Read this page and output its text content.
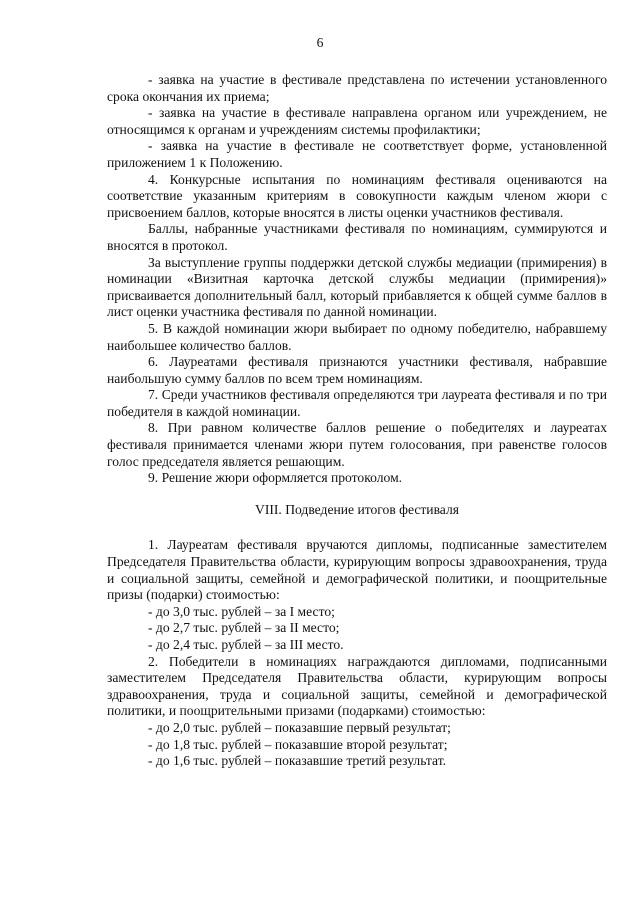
6

- заявка на участие в фестивале представлена по истечении установленного срока окончания их приема;

- заявка на участие в фестивале направлена органом или учреждением, не относящимся к органам и учреждениям системы профилактики;

- заявка на участие в фестивале не соответствует форме, установленной приложением 1 к Положению.

4. Конкурсные испытания по номинациям фестиваля оцениваются на соответствие указанным критериям в совокупности каждым членом жюри с присвоением баллов, которые вносятся в листы оценки участников фестиваля.

Баллы, набранные участниками фестиваля по номинациям, суммируются и вносятся в протокол.

За выступление группы поддержки детской службы медиации (примирения) в номинации «Визитная карточка детской службы медиации (примирения)» присваивается дополнительный балл, который прибавляется к общей сумме баллов в лист оценки участника фестиваля по данной номинации.

5. В каждой номинации жюри выбирает по одному победителю, набравшему наибольшее количество баллов.

6. Лауреатами фестиваля признаются участники фестиваля, набравшие наибольшую сумму баллов по всем трем номинациям.

7. Среди участников фестиваля определяются три лауреата фестиваля и по три победителя в каждой номинации.

8. При равном количестве баллов решение о победителях и лауреатах фестиваля принимается членами жюри путем голосования, при равенстве голосов голос председателя является решающим.

9. Решение жюри оформляется протоколом.

VIII. Подведение итогов фестиваля

1. Лауреатам фестиваля вручаются дипломы, подписанные заместителем Председателя Правительства области, курирующим вопросы здравоохранения, труда и социальной защиты, семейной и демографической политики, и поощрительные призы (подарки) стоимостью:

- до 3,0 тыс. рублей – за I место;

- до 2,7 тыс. рублей – за II место;

- до 2,4 тыс. рублей – за III место.

2. Победители в номинациях награждаются дипломами, подписанными заместителем Председателя Правительства области, курирующим вопросы здравоохранения, труда и социальной защиты, семейной и демографической политики, и поощрительными призами (подарками) стоимостью:

- до 2,0 тыс. рублей – показавшие первый результат;

- до 1,8 тыс. рублей – показавшие второй результат;

- до 1,6 тыс. рублей – показавшие третий результат.
